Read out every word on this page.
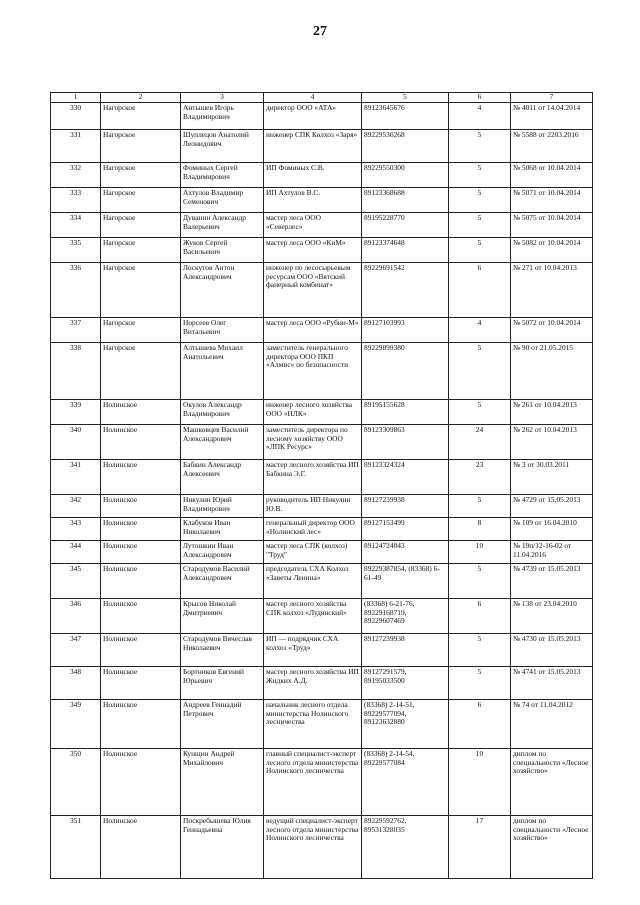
27
1	2	3	4	5	6	7
330	Нагорское	Антышев Игорь Владимирович	директор ООО «АТА»	89123645676	4	№ 4011 от 14.04.2014
331	Нагорское	Шуплецов Анатолий Леонидович	инженер СПК Колхоз «Заря»	89229536268	5	№ 5588 от 2203.2016
332	Нагорское	Фоминых Сергей Владимирович	ИП Фоминых С.В.	89229550300	5	№ 5068 от 10.04.2014
333	Нагорское	Ахтулов Владимир Семенович	ИП Ахтулов В.С.	89123368688	5	№ 5071 от 10.04.2014
334	Нагорское	Дуванин Александр Валерьевич	мастер леса ООО «Северлес»	89195228770	5	№ 5075 от 10.04.2014
335	Нагорское	Жуков Сергей Васильевич	мастер леса ООО «КиМ»	89123374648	5	№ 5082 от 10.04.2014
336	Нагорское	Лоскутов Антон Александрович	инженер по лесосырьевым ресурсам ООО «Вятский фанерный комбинат»	89229691542	6	№ 271 от 10.04.2013
337	Нагорское	Норсеев Олег Витальевич	мастер леса ООО «Рубин-М»	89127103993	4	№ 5072 от 10.04.2014
338	Нагорское	Алтышева Михаил Анатольевич	заместитель генерального директора ООО ПКП «Алмис» по безопасности	89229899380	5	№ 90 от 21.05.2015
339	Нолинское	Окулов Александр Владимирович	инженер лесного хозяйства ООО «НЛК»	89195155628	5	№ 261 от 10.04.2013
340	Нолинское	Машковцев Василий Александрович	заместитель директора по лесному хозяйству ООО «ЛПК Ресурс»	89123309863	24	№ 262 от 10.04.2013
341	Нолинское	Бабкин Александр Алексеевич	мастер лесного хозяйства ИП Бабкина Э.Г.	89123324324	23	№ 3 от 30.03.2011
342	Нолинское	Никулин Юрий Владимирович	руководитель ИП Никулин Ю.В.	89127239938	5	№ 4729 от 15.05.2013
343	Нолинское	Клабуков Иван Николаевич	генеральный директор ООО «Нолинский лес»	89127153499	8	№ 109 от 16.04.2010
344	Нолинское	Лутошкин Иван Александрович	мастер леса СПК (колхоз) "Труд"	89124724043	10	№ 19п/12-16-02 от 11.04.2016
345	Нолинское	Стародумов Василий Александрович	председатель СХА Колхоз «Заветы Ленина»	89229387854, (83368) 6-61-49	5	№ 4739 от 15.05.2013
346	Нолинское	Крысов Николай Дмитриевич	мастер лесного хозяйства СПК колхоз «Лудянский»	(83368) 6-21-76, 89229168719, 89229607469	6	№ 138 от 23.04.2010
347	Нолинское	Стародумов Вячеслав Николаевич	ИП — подрядчик СХА колхоз «Труд»	89127239938	5	№ 4730 от 15.05.2013
348	Нолинское	Бортников Евгений Юрьевич	мастер лесного хозяйства ИП Жидких А.Д.	89127291579, 89195033500	5	№ 4741 от 15.05.2013
349	Нолинское	Андреев Геннадий Петрович	начальник лесного отдела министерства Нолинского лесничества	(83368) 2-14-51, 89229577094, 89123632880	6	№ 74 от 11.04.2012
350	Нолинское	Кунщин Андрей Михайлович	главный специалист-эксперт лесного отдела министерства Нолинского лесничества	(83368) 2-14-54, 89229577084	10	диплом по специальности «Лесное хозяйство»
351	Нолинское	Поскребышева Юлия Геннадьевна	ведущий специалист-эксперт лесного отдела министерства Нолинского лесничества	89229592762, 89531328035	17	диплом по специальности «Лесное хозяйство»
